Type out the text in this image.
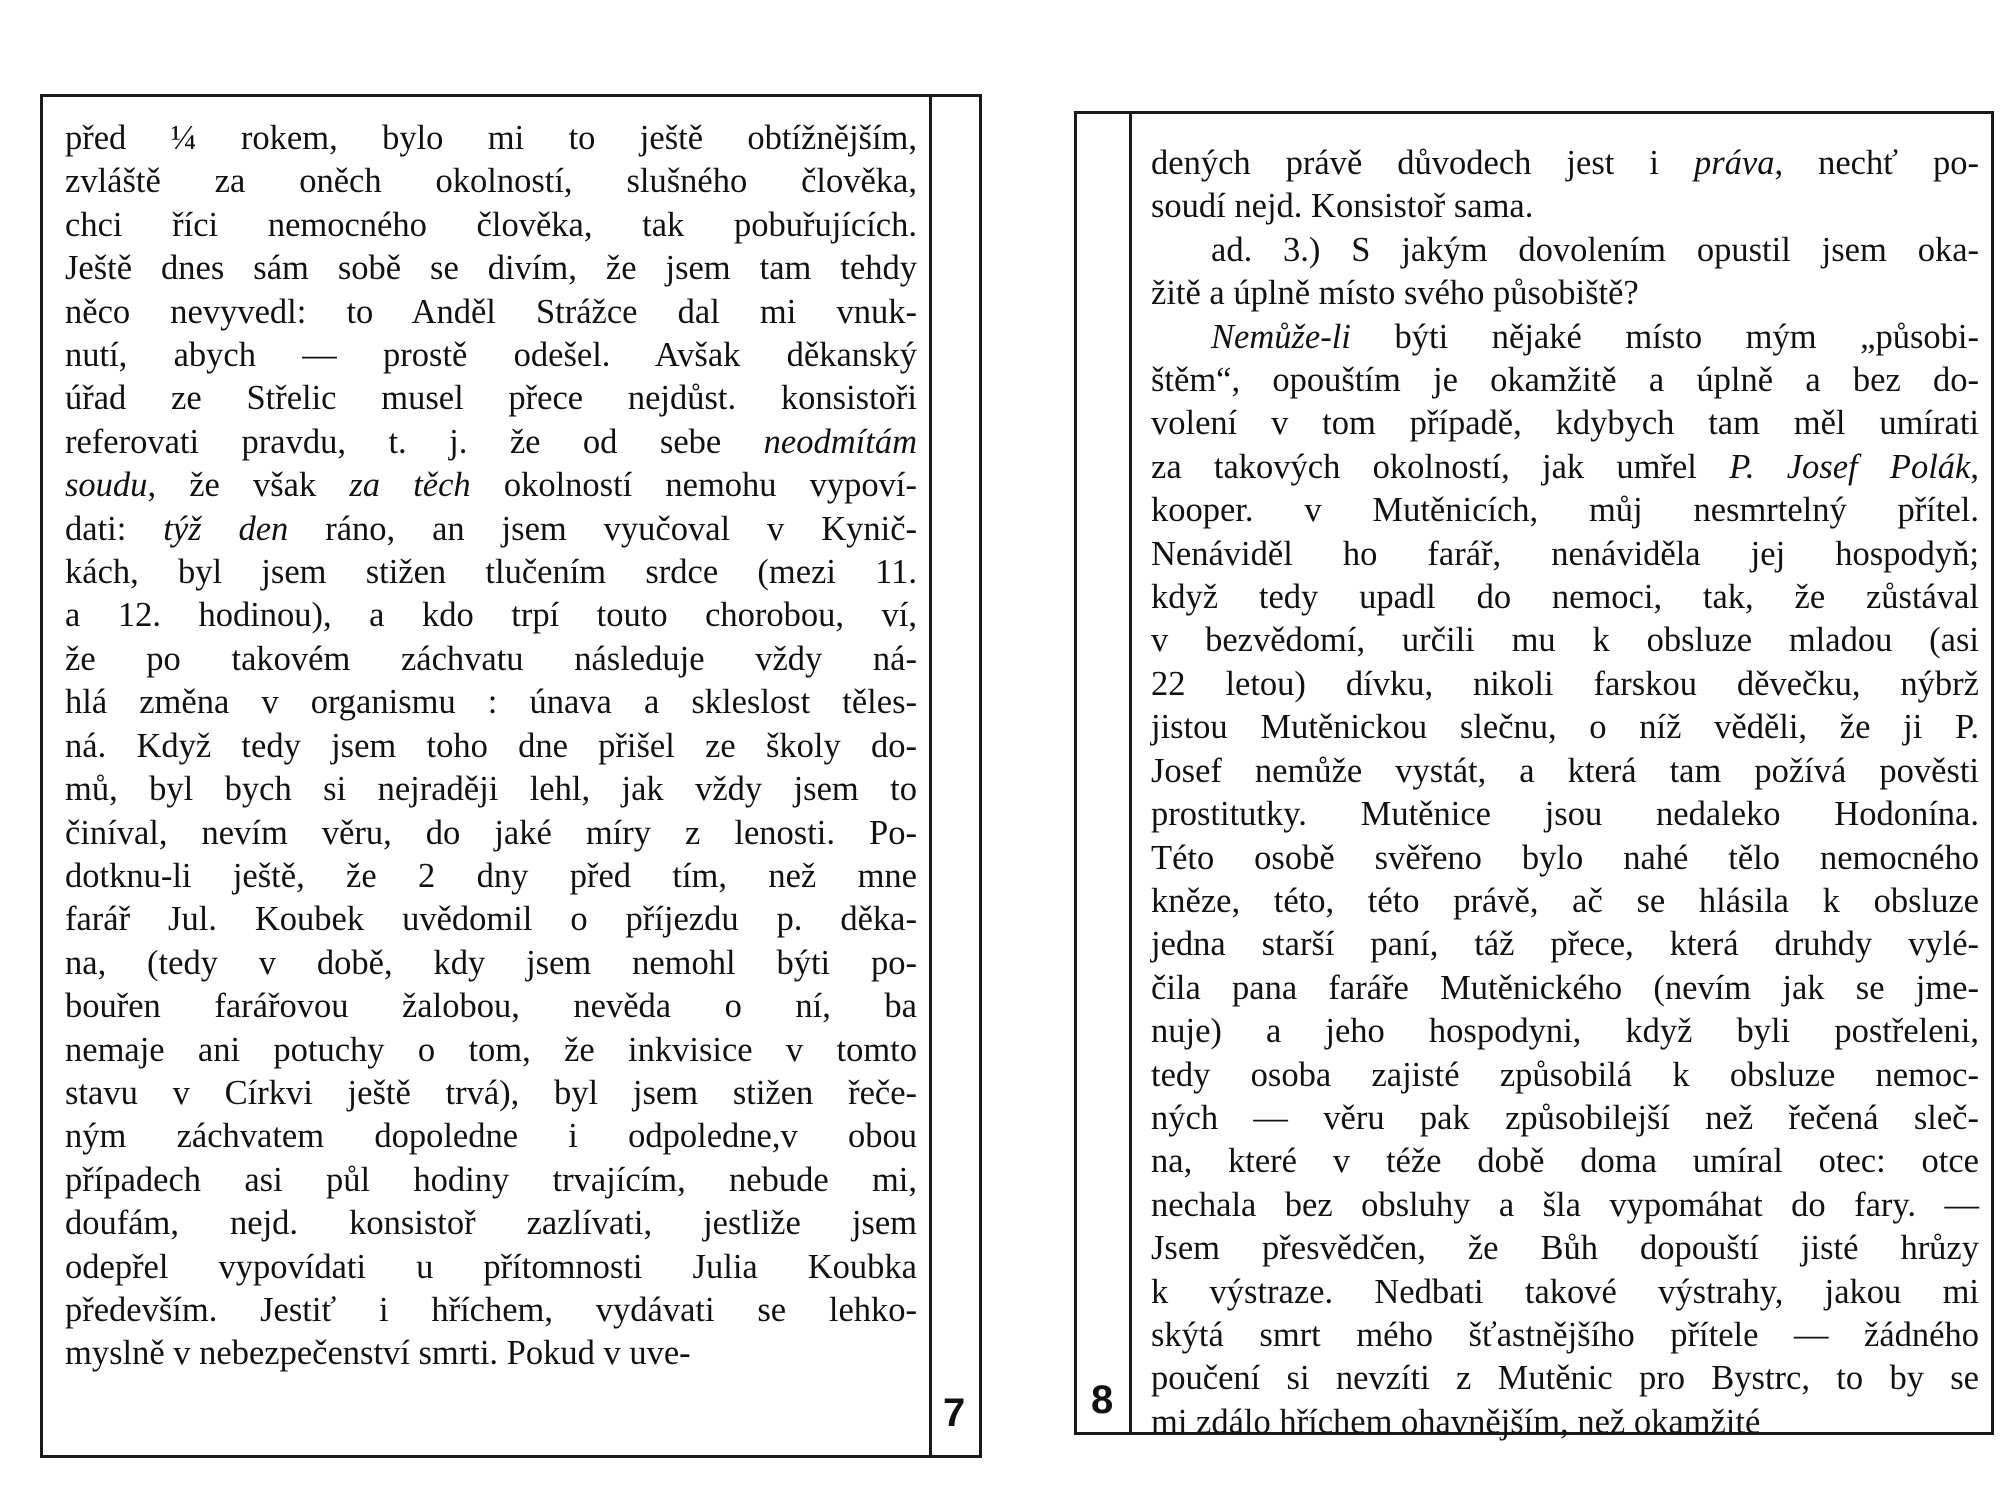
před ¼ rokem, bylo mi to ještě obtížnějším,
zvláště za oněch okolností, slušného člověka,
chci říci nemocného člověka, tak pobuřujících.
Ještě dnes sám sobě se divím, že jsem tam tehdy
něco nevyvedl: to Anděl Strážce dal mi vnuk-
nutí, abych — prostě odešel. Avšak děkanský
úřad ze Střelic musel přece nejdůst. konsistoři
referovati pravdu, t. j. že od sebe neodmítám
soudu, že však za těch okolností nemohu vypoví-
dati: týž den ráno, an jsem vyučoval v Kynič-
kách, byl jsem stižen tlučením srdce (mezi 11.
a 12. hodinou), a kdo trpí touto chorobou, ví,
že po takovém záchvatu následuje vždy ná-
hlá změna v organismu : únava a skleslost těles-
ná. Když tedy jsem toho dne přišel ze školy do-
mů, byl bych si nejraději lehl, jak vždy jsem to
činíval, nevím věru, do jaké míry z lenosti. Po-
dotknu-li ještě, že 2 dny před tím, než mne
farář Jul. Koubek uvědomil o příjezdu p. děka-
na, (tedy v době, kdy jsem nemohl býti po-
bouřen farářovou žalobou, nevěda o ní, ba
nemaje ani potuchy o tom, že inkvisice v tomto
stavu v Církvi ještě trvá), byl jsem stižen řeče-
ným záchvatem dopoledne i odpoledne,v obou
případech asi půl hodiny trvajícím, nebude mi,
doufám, nejd. konsistoř zazlívati, jestliže jsem
odepřel vypovídati u přítomnosti Julia Koubka
především. Jestiť i hříchem, vydávati se lehko-
myslně v nebezpečenství smrti. Pokud v uve-
7
dených právě důvodech jest i práva, nechť po-
soudí nejd. Konsistoř sama.
ad. 3.) S jakým dovolením opustil jsem oka-
žitě a úplně místo svého působiště?
Nemůže-li býti nějaké místo mým „působi-
štěm“, opouštím je okamžitě a úplně a bez do-
volení v tom případě, kdybych tam měl umírati
za takových okolností, jak umřel P. Josef Polák,
kooper. v Mutěnicích, můj nesmrtelný přítel.
Nenáviděl ho farář, nenáviděla jej hospodyň;
když tedy upadl do nemoci, tak, že zůstával
v bezvědomí, určili mu k obsluze mladou (asi
22 letou) dívku, nikoli farskou děvečku, nýbrž
jistou Mutěnickou slečnu, o níž věděli, že ji P.
Josef nemůže vystát, a která tam požívá pověsti
prostitutky. Mutěnice jsou nedaleko Hodonína.
Této osobě svěřeno bylo nahé tělo nemocného
kněze, této, této právě, ač se hlásila k obsluze
jedna starší paní, táž přece, která druhdy vylé-
čila pana faráře Mutěnického (nevím jak se jme-
nuje) a jeho hospodyni, když byli postřeleni,
tedy osoba zajisté způsobilá k obsluze nemoc-
ných — věru pak způsobilejší než řečená sleč-
na, které v téže době doma umíral otec: otce
nechala bez obsluhy a šla vypomáhat do fary. —
Jsem přesvědčen, že Bůh dopouští jisté hrůzy
k výstraze. Nedbati takové výstrahy, jakou mi
skýtá smrt mého šťastnějšího přítele — žádného
poučení si nevzíti z Mutěnic pro Bystrc, to by se
mi zdálo hříchem ohavnějším, než okamžité
8
